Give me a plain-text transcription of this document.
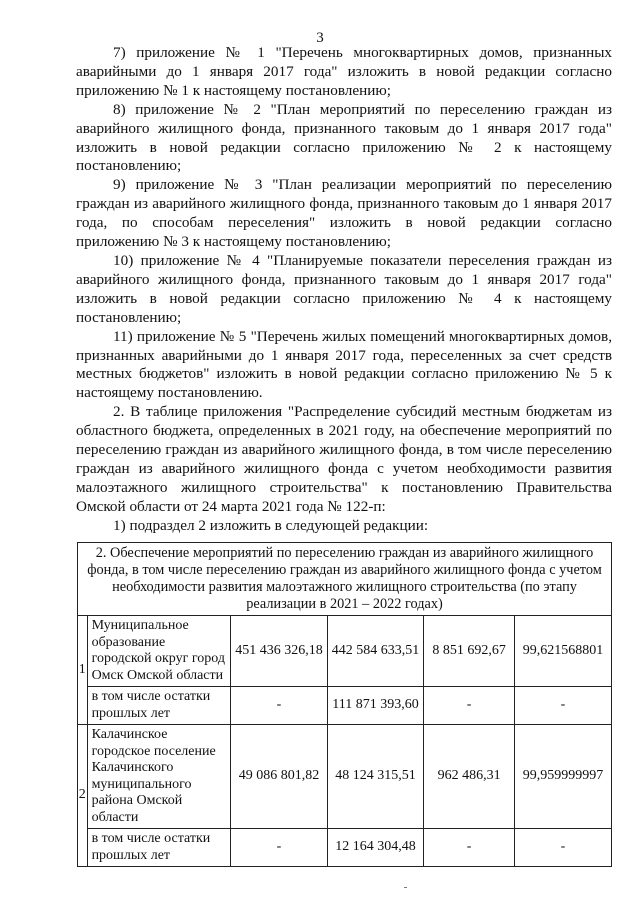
3

7) приложение № 1 "Перечень многоквартирных домов, признанных аварийными до 1 января 2017 года" изложить в новой редакции согласно приложению № 1 к настоящему постановлению;

8) приложение № 2 "План мероприятий по переселению граждан из аварийного жилищного фонда, признанного таковым до 1 января 2017 года" изложить в новой редакции согласно приложению № 2 к настоящему постановлению;

9) приложение № 3 "План реализации мероприятий по переселению граждан из аварийного жилищного фонда, признанного таковым до 1 января 2017 года, по способам переселения" изложить в новой редакции согласно приложению № 3 к настоящему постановлению;

10) приложение № 4 "Планируемые показатели переселения граждан из аварийного жилищного фонда, признанного таковым до 1 января 2017 года" изложить в новой редакции согласно приложению № 4 к настоящему постановлению;

11) приложение № 5 "Перечень жилых помещений многоквартирных домов, признанных аварийными до 1 января 2017 года, переселенных за счет средств местных бюджетов" изложить в новой редакции согласно приложению № 5 к настоящему постановлению.

2. В таблице приложения "Распределение субсидий местным бюджетам из областного бюджета, определенных в 2021 году, на обеспечение мероприятий по переселению граждан из аварийного жилищного фонда, в том числе переселению граждан из аварийного жилищного фонда с учетом необходимости развития малоэтажного жилищного строительства" к постановлению Правительства Омской области от 24 марта 2021 года № 122-п:

1) подраздел 2 изложить в следующей редакции:

2. Обеспечение мероприятий по переселению граждан из аварийного жилищного фонда, в том числе переселению граждан из аварийного жилищного фонда с учетом необходимости развития малоэтажного жилищного строительства (по этапу реализации в 2021 – 2022 годах)					
1	Муниципальное образование городской округ город Омск Омской области	451 436 326,18	442 584 633,51	8 851 692,67	99,621568801
	в том числе остатки прошлых лет	-	111 871 393,60	-	-
2	Калачинское городское поселение Калачинского муниципального района Омской области	49 086 801,82	48 124 315,51	962 486,31	99,959999997
	в том числе остатки прошлых лет	-	12 164 304,48	-	-
